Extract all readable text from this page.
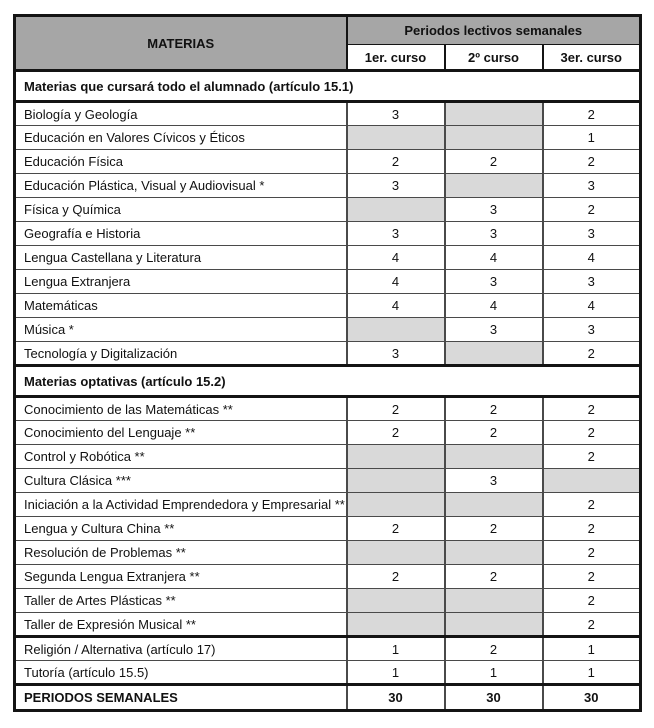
MATERIAS	Periodos lectivos semanales		
	1er. curso	2º curso	3er. curso
Materias que cursará todo el alumnado (artículo 15.1)			
Biología y Geología	3		2
Educación en Valores Cívicos y Éticos			1
Educación Física	2	2	2
Educación Plástica, Visual y Audiovisual *	3		3
Física y Química		3	2
Geografía e Historia	3	3	3
Lengua Castellana y Literatura	4	4	4
Lengua Extranjera	4	3	3
Matemáticas	4	4	4
Música *		3	3
Tecnología y Digitalización	3		2
Materias optativas (artículo 15.2)			
Conocimiento de las Matemáticas **	2	2	2
Conocimiento del Lenguaje **	2	2	2
Control y Robótica **			2
Cultura Clásica ***		3	
Iniciación a la Actividad Emprendedora y Empresarial **			2
Lengua y Cultura China **	2	2	2
Resolución de Problemas **			2
Segunda Lengua Extranjera **	2	2	2
Taller de Artes Plásticas **			2
Taller de Expresión Musical **			2
Religión / Alternativa (artículo 17)	1	2	1
Tutoría (artículo 15.5)	1	1	1
PERIODOS SEMANALES	30	30	30
